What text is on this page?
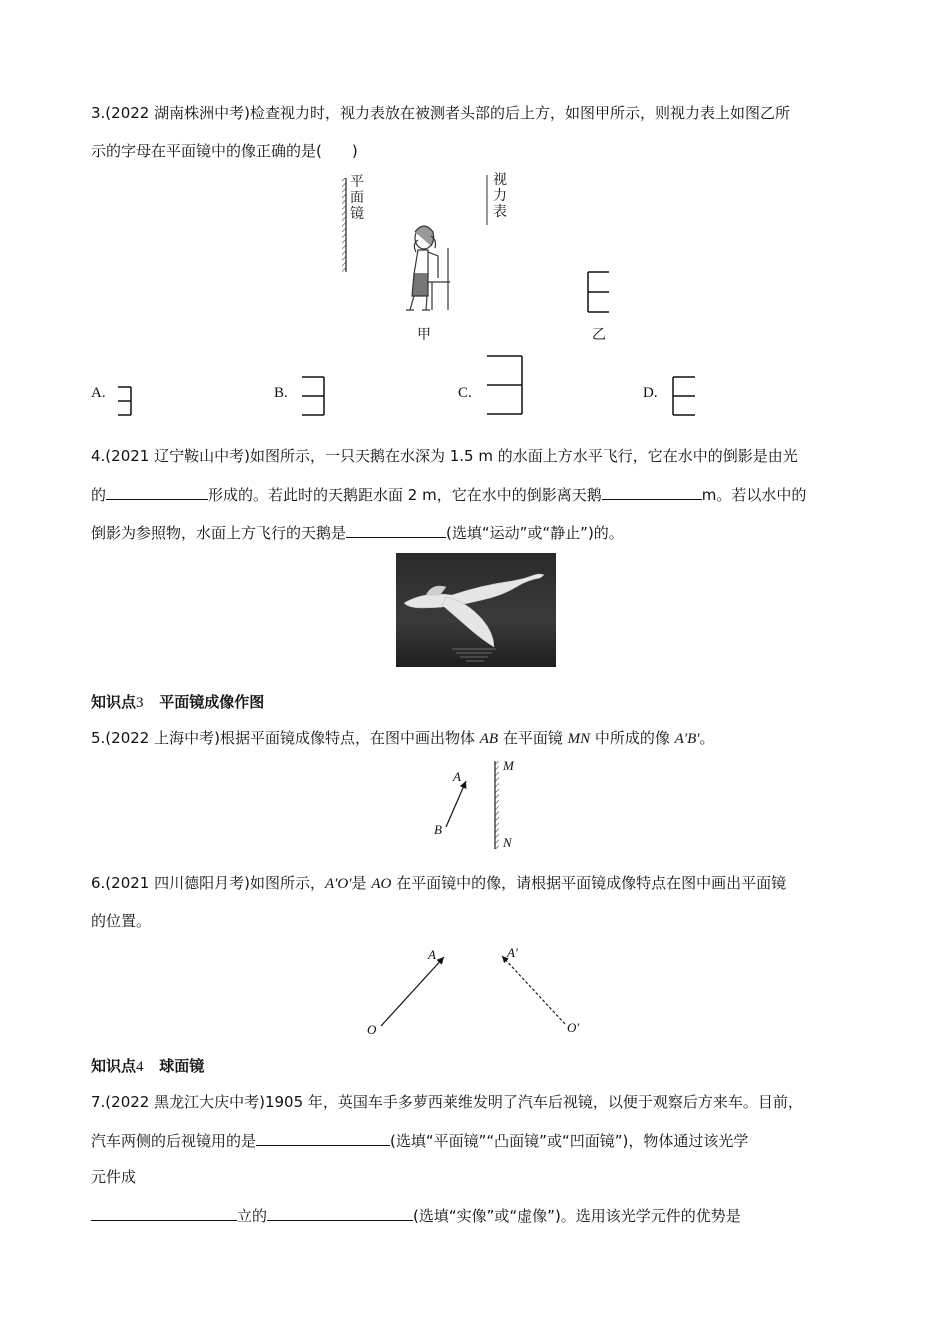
3.(2022 湖南株洲中考)检查视力时，视力表放在被测者头部的后上方，如图甲所示，则视力表上如图乙所
示的字母在平面镜中的像正确的是(　　)
平面镜
视力表
甲	乙
A.	B.	C.	D.
4.(2021 辽宁鞍山中考)如图所示，一只天鹅在水深为 1.5 m 的水面上方水平飞行，它在水中的倒影是由光
的	形成的。若此时的天鹅距水面 2 m，它在水中的倒影离天鹅	m。若以水中的
倒影为参照物，水面上方飞行的天鹅是	(选填“运动”或“静止”)的。
知识点3 平面镜成像作图
5.(2022 上海中考)根据平面镜成像特点，在图中画出物体 AB 在平面镜 MN 中所成的像 A′B′。
A
B
M
N
6.(2021 四川德阳月考)如图所示，A′O′是 AO 在平面镜中的像，请根据平面镜成像特点在图中画出平面镜
的位置。
A
O
A′
O′
知识点4 球面镜
7.(2022 黑龙江大庆中考)1905 年，英国车手多萝西莱维发明了汽车后视镜，以便于观察后方来车。目前，
汽车两侧的后视镜用的是	(选填“平面镜”“凸面镜”或“凹面镜”)，物体通过该光学
元件成
立的	(选填“实像”或“虚像”)。选用该光学元件的优势是
